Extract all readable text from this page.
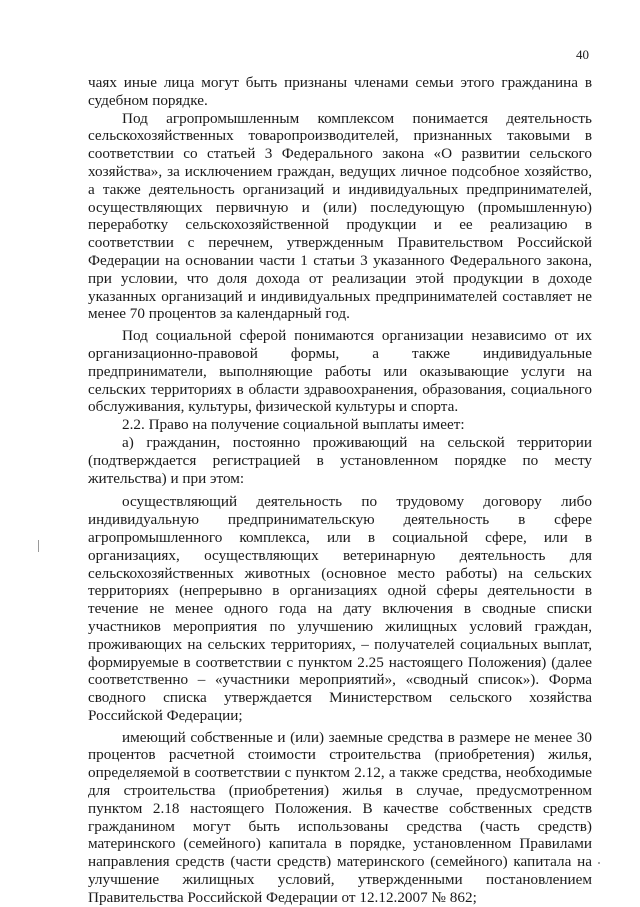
40

чаях иные лица могут быть признаны членами семьи этого гражданина в судебном порядке.

Под агропромышленным комплексом понимается деятельность сельскохозяйственных товаропроизводителей, признанных таковыми в соответствии со статьей 3 Федерального закона «О развитии сельского хозяйства», за исключением граждан, ведущих личное подсобное хозяйство, а также деятельность организаций и индивидуальных предпринимателей, осуществляющих первичную и (или) последующую (промышленную) переработку сельскохозяйственной продукции и ее реализацию в соответствии с перечнем, утвержденным Правительством Российской Федерации на основании части 1 статьи 3 указанного Федерального закона, при условии, что доля дохода от реализации этой продукции в доходе указанных организаций и индивидуальных предпринимателей составляет не менее 70 процентов за календарный год.

Под социальной сферой понимаются организации независимо от их организационно-правовой формы, а также индивидуальные предприниматели, выполняющие работы или оказывающие услуги на сельских территориях в области здравоохранения, образования, социального обслуживания, культуры, физической культуры и спорта.

2.2. Право на получение социальной выплаты имеет:

а) гражданин, постоянно проживающий на сельской территории (подтверждается регистрацией в установленном порядке по месту жительства) и при этом:

осуществляющий деятельность по трудовому договору либо индивидуальную предпринимательскую деятельность в сфере агропромышленного комплекса, или в социальной сфере, или в организациях, осуществляющих ветеринарную деятельность для сельскохозяйственных животных (основное место работы) на сельских территориях (непрерывно в организациях одной сферы деятельности в течение не менее одного года на дату включения в сводные списки участников мероприятия по улучшению жилищных условий граждан, проживающих на сельских территориях, – получателей социальных выплат, формируемые в соответствии с пунктом 2.25 настоящего Положения) (далее соответственно – «участники мероприятий», «сводный список»). Форма сводного списка утверждается Министерством сельского хозяйства Российской Федерации;

имеющий собственные и (или) заемные средства в размере не менее 30 процентов расчетной стоимости строительства (приобретения) жилья, определяемой в соответствии с пунктом 2.12, а также средства, необходимые для строительства (приобретения) жилья в случае, предусмотренном пунктом 2.18 настоящего Положения. В качестве собственных средств гражданином могут быть использованы средства (часть средств) материнского (семейного) капитала в порядке, установленном Правилами направления средств (части средств) материнского (семейного) капитала на улучшение жилищных условий, утвержденными постановлением Правительства Российской Федерации от 12.12.2007 № 862;
